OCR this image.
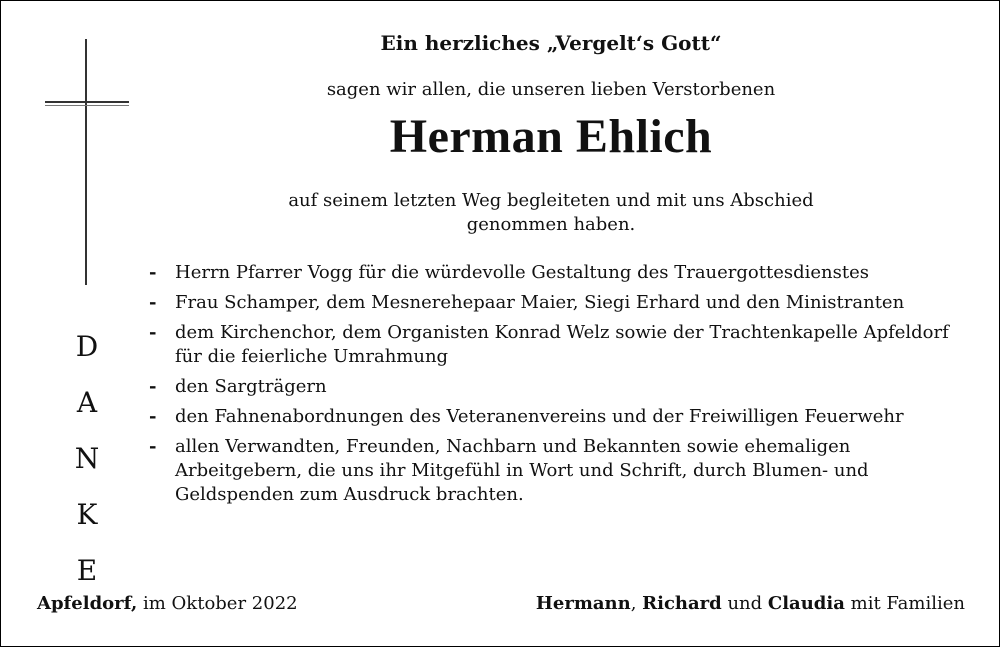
D
A
N
K
E
Ein herzliches „Vergelt‘s Gott“
sagen wir allen, die unseren lieben Verstorbenen
Herman Ehlich
auf seinem letzten Weg begleiteten und mit uns Abschied genommen haben.
- Herrn Pfarrer Vogg für die würdevolle Gestaltung des Trauergottesdienstes
- Frau Schamper, dem Mesnerehepaar Maier, Siegi Erhard und den Ministranten
- dem Kirchenchor, dem Organisten Konrad Welz sowie der Trachtenkapelle Apfeldorf für die feierliche Umrahmung
- den Sargträgern
- den Fahnenabordnungen des Veteranenvereins und der Freiwilligen Feuerwehr
- allen Verwandten, Freunden, Nachbarn und Bekannten sowie ehemaligen Arbeitgebern, die uns ihr Mitgefühl in Wort und Schrift, durch Blumen- und Geldspenden zum Ausdruck brachten.
Apfeldorf, im Oktober 2022	Hermann, Richard und Claudia mit Familien
